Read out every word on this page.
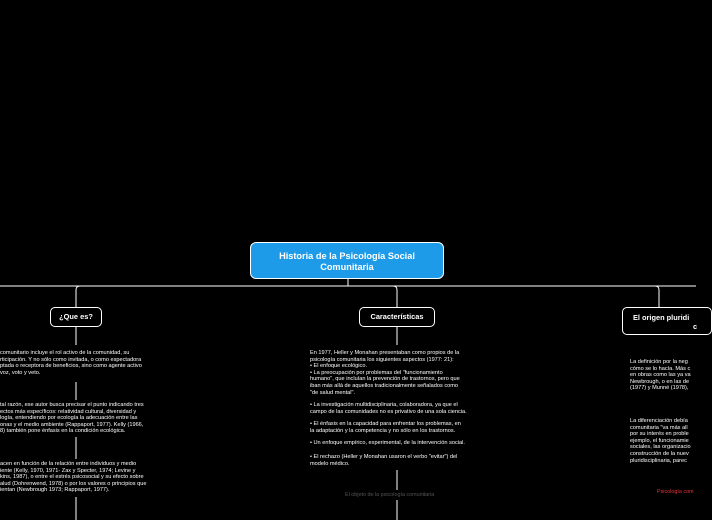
Historia de la Psicología Social
Comunitaria
¿Que es?

comunitario incluye el rol activo de la comunidad, su
rticipación. Y no sólo como invitada, o como espectadora
ptada o receptora de beneficios, sino como agente activo
voz, voto y veto.

tal razón, ese autor busca precisar el punto indicando tres
ectos más específicos: relatividad cultural, diversidad y
logía, entendiendo por ecología la adecuación entre las
onas y el medio ambiente (Rappaport, 1977). Kelly (1966,
8) también pone énfasis en la condición ecológica.

acen en función de la relación entre individuos y medio
iente (Kelly, 1970, 1971- Zax y Specter, 1974; Levine y
kins, 1987), o entre el estrés psicosocial y su efecto sobre
alud (Dohrenwend, 1978) o por los valores o principios que
ientan (Newbrough 1973; Rappaport, 1977).

Características

En 1977, Heller y Monahan presentaban como propios de la
psicología comunitaria los siguientes aspectos (1977: 21):
• El enfoque ecológico.
• La preocupación por problemas del "funcionamiento
humano", que incluían la prevención de trastornos, pero que
iban más allá de aquellos tradicionalmente señalados como
"de salud mental".

• La investigación multidisciplinaria, colaboradora, ya que el
campo de las comunidades no es privativo de una sola ciencia.

• El énfasis en la capacidad para enfrentar los problemas, en
la adaptación y la competencia y no sólo en los trastornos.

• Un enfoque empírico, experimental, de la intervención social.

• El rechazo (Heller y Monahan usaron el verbo "evitar") del
modelo médico.

El objeto de la psicología comunitaria
El origen pluridi
c

La definición por la neg
cómo se lo hacía. Más c
en obras como las ya va
Newbrough, o en las de
(1977) y Munné (1978),

La diferenciación debía
comunitaria "va más all
por su interés en proble
ejemplo, el funcionamie
sociales, las organizacio
construcción de la nuev
pluridisciplinaria, parec

Psicología com
